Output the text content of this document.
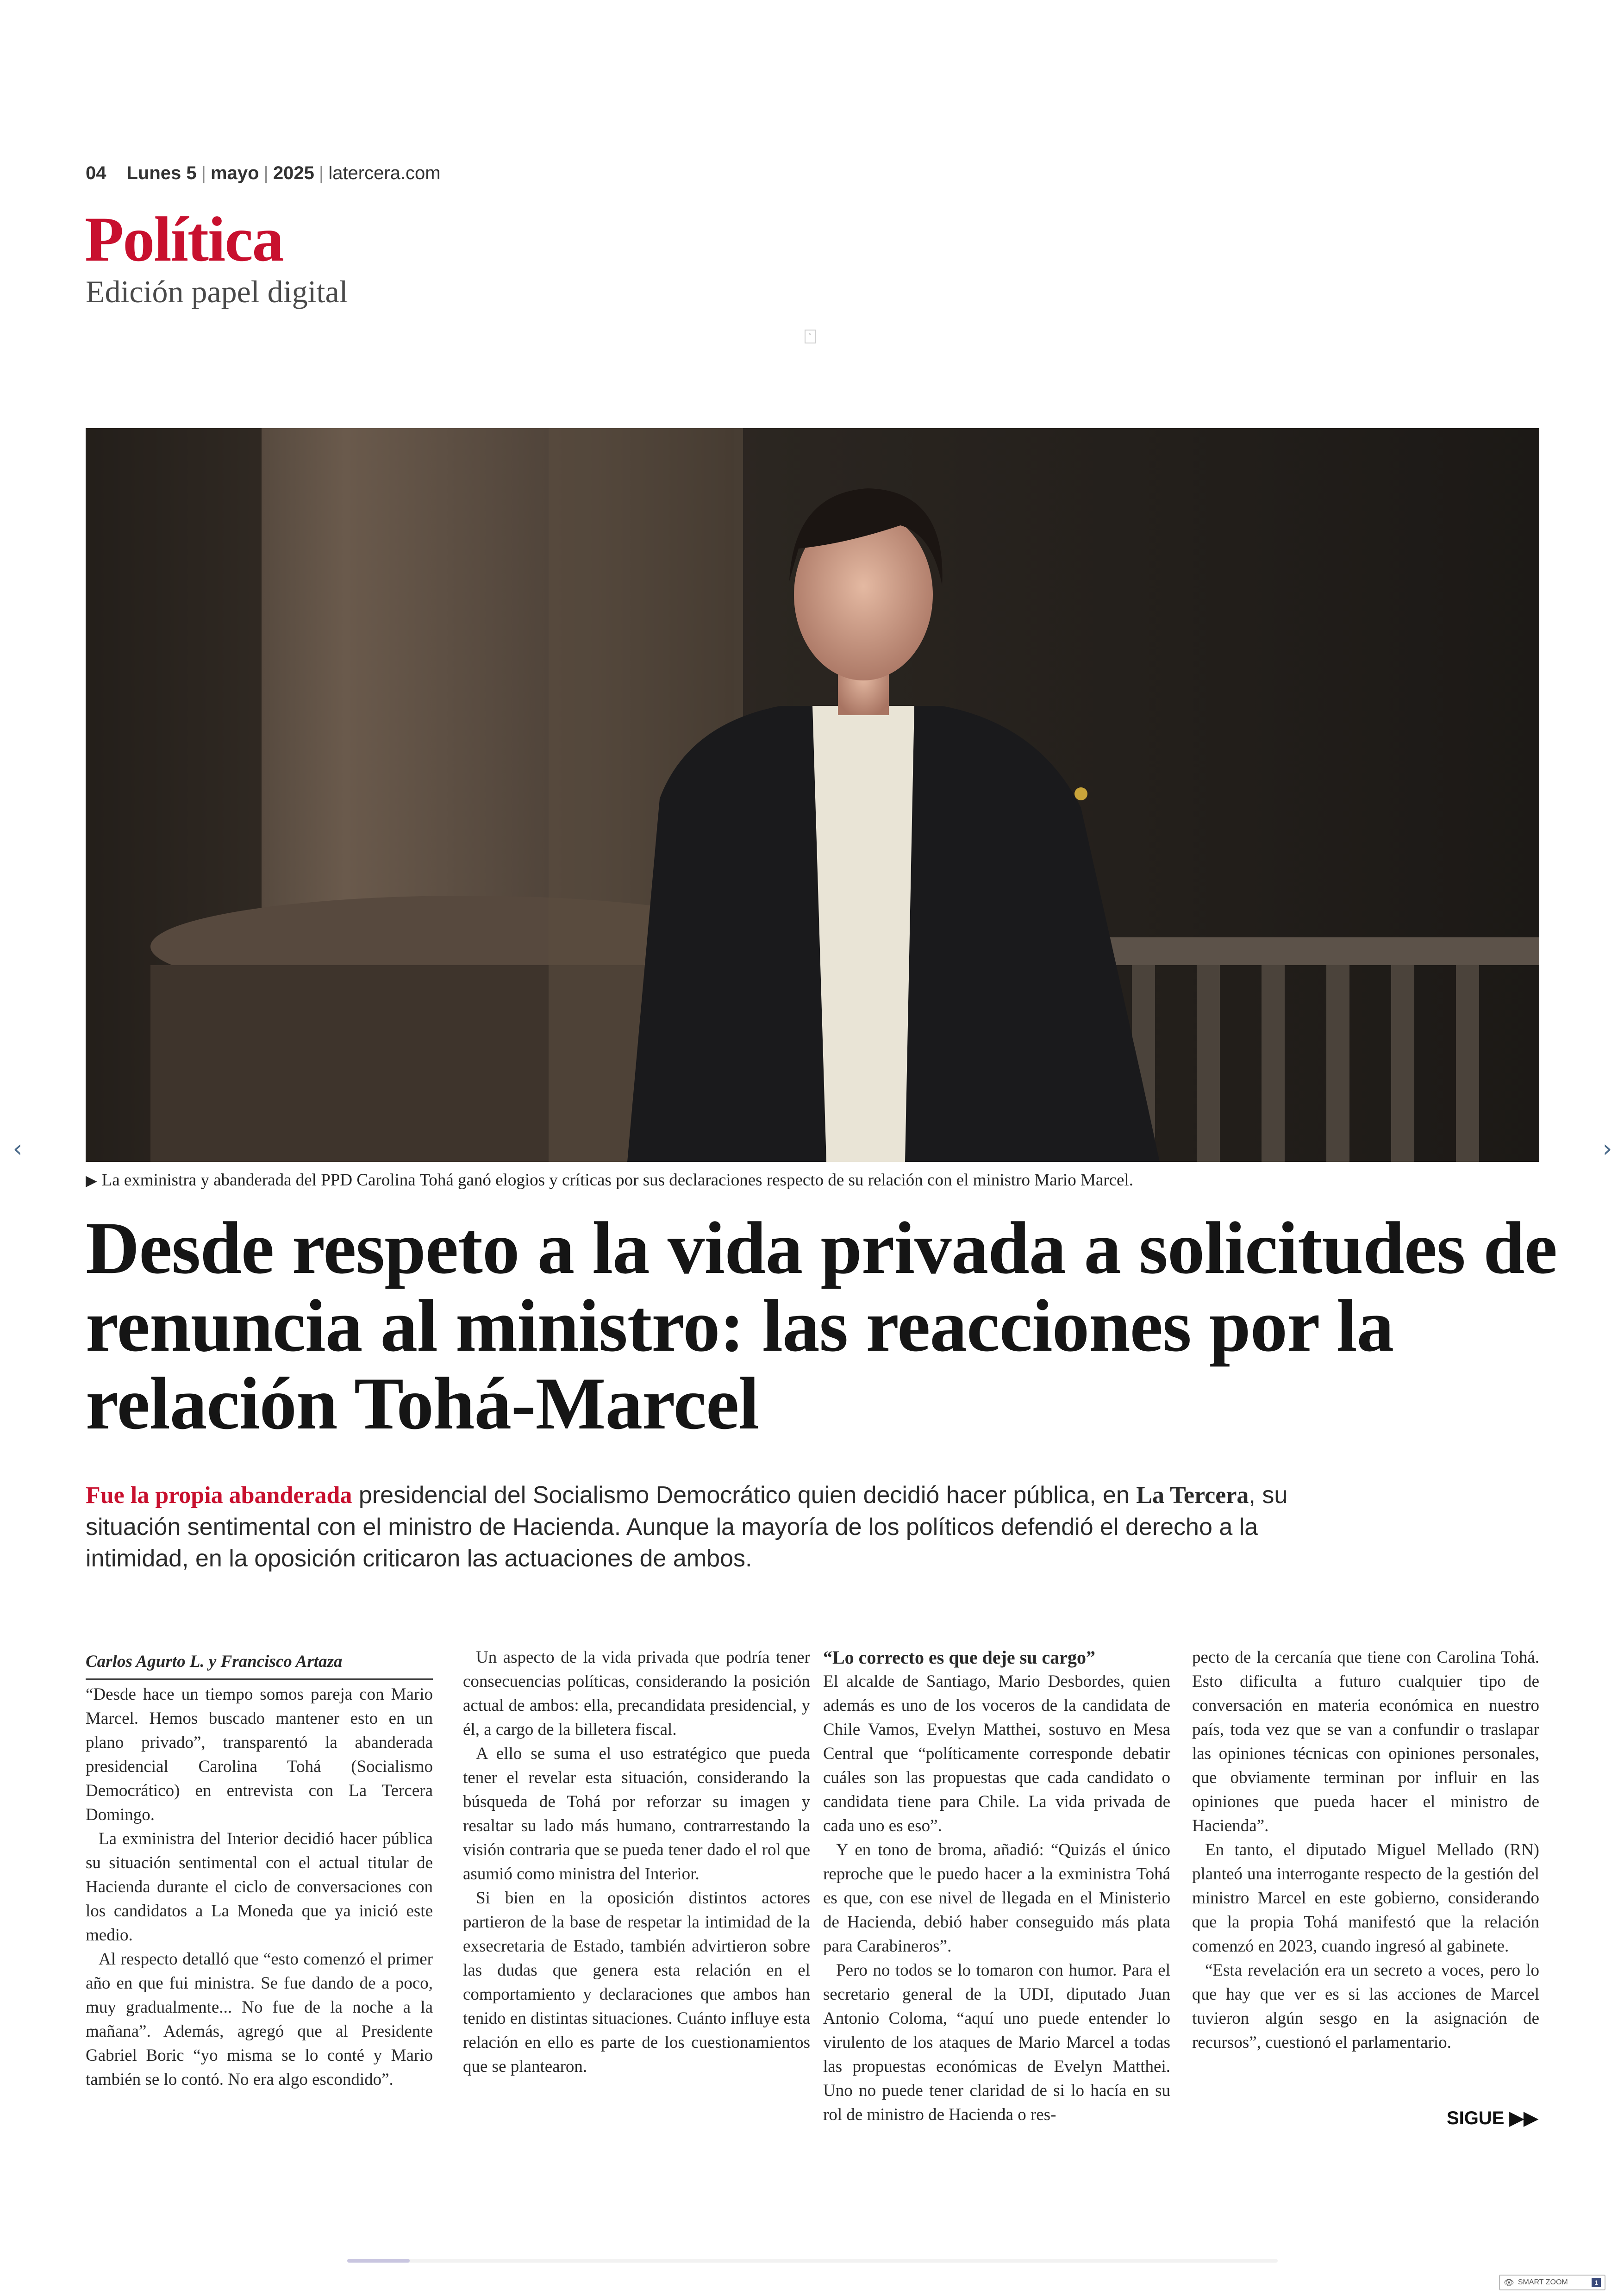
04 Lunes 5 | mayo | 2025 | latercera.com
Política
Edición papel digital
▫
▶ La exministra y abanderada del PPD Carolina Tohá ganó elogios y críticas por sus declaraciones respecto de su relación con el ministro Mario Marcel.
‹	›
Desde respeto a la vida privada a solicitudes de renuncia al ministro: las reacciones por la relación Tohá-Marcel
Fue la propia abanderada presidencial del Socialismo Democrático quien decidió hacer pública, en La Tercera, su situación sentimental con el ministro de Hacienda. Aunque la mayoría de los políticos defendió el derecho a la intimidad, en la oposición criticaron las actuaciones de ambos.
Carlos Agurto L. y Francisco Artaza

“Desde hace un tiempo somos pareja con Mario Marcel. Hemos buscado mantener esto en un plano privado”, transparentó la abanderada presidencial Carolina Tohá (Socialismo Democrático) en entrevista con La Tercera Domingo.

La exministra del Interior decidió hacer pública su situación sentimental con el actual titular de Hacienda durante el ciclo de conversaciones con los candidatos a La Moneda que ya inició este medio.

Al respecto detalló que “esto comenzó el primer año en que fui ministra. Se fue dando de a poco, muy gradualmente... No fue de la noche a la mañana”. Además, agregó que al Presidente Gabriel Boric “yo misma se lo conté y Mario también se lo contó. No era algo escondido”.

Un aspecto de la vida privada que podría tener consecuencias políticas, considerando la posición actual de ambos: ella, precandidata presidencial, y él, a cargo de la billetera fiscal.

A ello se suma el uso estratégico que pueda tener el revelar esta situación, considerando la búsqueda de Tohá por reforzar su imagen y resaltar su lado más humano, contrarrestando la visión contraria que se pueda tener dado el rol que asumió como ministra del Interior.

Si bien en la oposición distintos actores partieron de la base de respetar la intimidad de la exsecretaria de Estado, también advirtieron sobre las dudas que genera esta relación en el comportamiento y declaraciones que ambos han tenido en distintas situaciones. Cuánto influye esta relación en ello es parte de los cuestionamientos que se plantearon.

“Lo correcto es que deje su cargo”

El alcalde de Santiago, Mario Desbordes, quien además es uno de los voceros de la candidata de Chile Vamos, Evelyn Matthei, sostuvo en Mesa Central que “políticamente corresponde debatir cuáles son las propuestas que cada candidato o candidata tiene para Chile. La vida privada de cada uno es eso”.

Y en tono de broma, añadió: “Quizás el único reproche que le puedo hacer a la exministra Tohá es que, con ese nivel de llegada en el Ministerio de Hacienda, debió haber conseguido más plata para Carabineros”.

Pero no todos se lo tomaron con humor. Para el secretario general de la UDI, diputado Juan Antonio Coloma, “aquí uno puede entender lo virulento de los ataques de Mario Marcel a todas las propuestas económicas de Evelyn Matthei. Uno no puede tener claridad de si lo hacía en su rol de ministro de Hacienda o res-

pecto de la cercanía que tiene con Carolina Tohá. Esto dificulta a futuro cualquier tipo de conversación en materia económica en nuestro país, toda vez que se van a confundir o traslapar las opiniones técnicas con opiniones personales, que obviamente terminan por influir en las opiniones que pueda hacer el ministro de Hacienda”.

En tanto, el diputado Miguel Mellado (RN) planteó una interrogante respecto de la gestión del ministro Marcel en este gobierno, considerando que la propia Tohá manifestó que la relación comenzó en 2023, cuando ingresó al gabinete.

“Esta revelación era un secreto a voces, pero lo que hay que ver es si las acciones de Marcel tuvieron algún sesgo en la asignación de recursos”, cuestionó el parlamentario.

SIGUE ▶▶
👁 SMART ZOOM	1
